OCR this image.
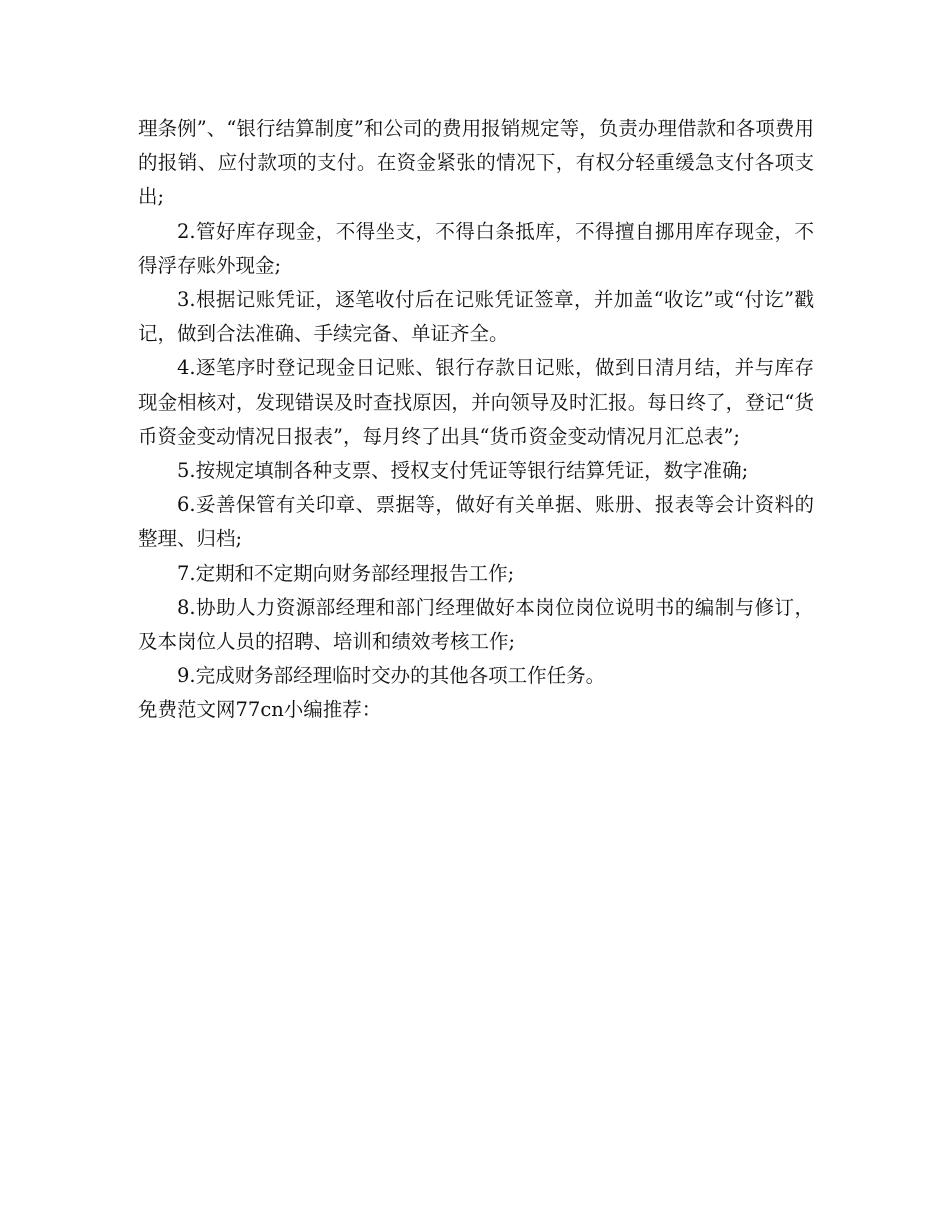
理条例”、“银行结算制度”和公司的费用报销规定等，负责办理借款和各项费用的报销、应付款项的支付。在资金紧张的情况下，有权分轻重缓急支付各项支出;

2.管好库存现金，不得坐支，不得白条抵库，不得擅自挪用库存现金，不得浮存账外现金;

3.根据记账凭证，逐笔收付后在记账凭证签章，并加盖“收讫”或“付讫”戳记，做到合法准确、手续完备、单证齐全。

4.逐笔序时登记现金日记账、银行存款日记账，做到日清月结，并与库存现金相核对，发现错误及时查找原因，并向领导及时汇报。每日终了，登记“货币资金变动情况日报表”，每月终了出具“货币资金变动情况月汇总表”;

5.按规定填制各种支票、授权支付凭证等银行结算凭证，数字准确;

6.妥善保管有关印章、票据等，做好有关单据、账册、报表等会计资料的整理、归档;

7.定期和不定期向财务部经理报告工作;

8.协助人力资源部经理和部门经理做好本岗位岗位说明书的编制与修订，及本岗位人员的招聘、培训和绩效考核工作;

9.完成财务部经理临时交办的其他各项工作任务。

免费范文网77cn小编推荐：
